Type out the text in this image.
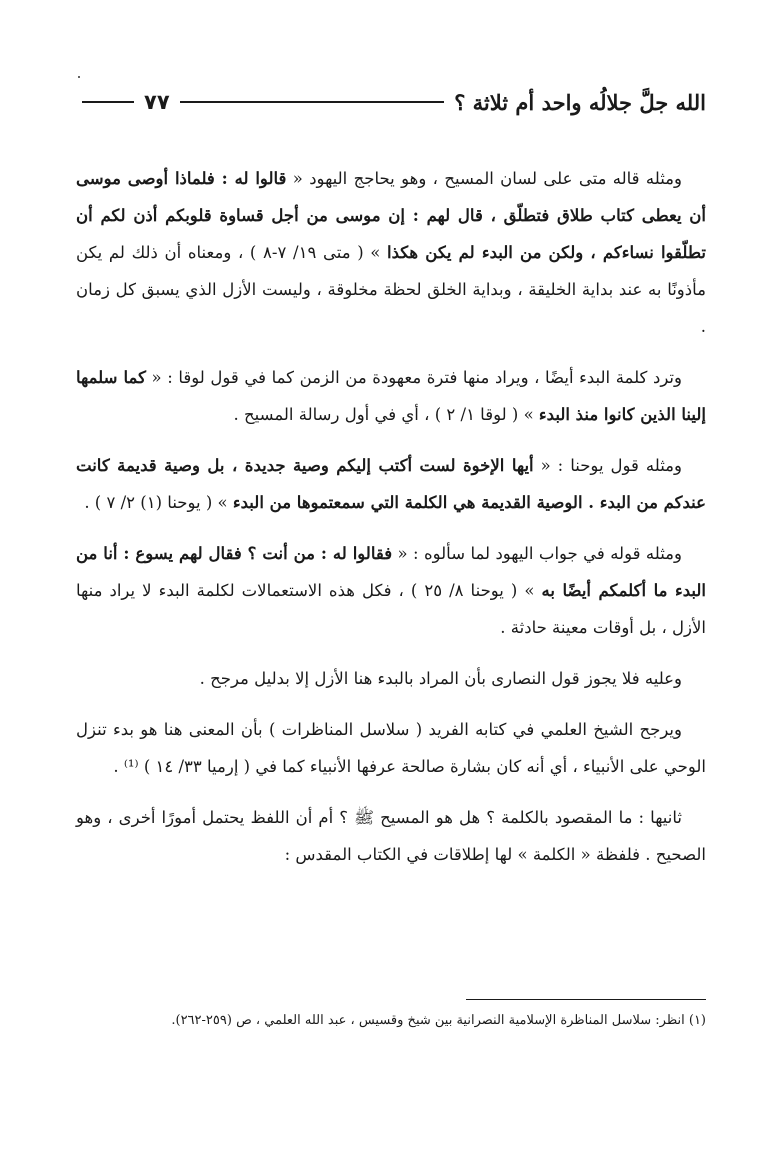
الله جلَّ جلالُه واحد أم ثلاثة ؟
٧٧

ومثله قاله متى على لسان المسيح ، وهو يحاجج اليهود « قالوا له : فلماذا أوصى موسى أن يعطى كتاب طلاق فتطلّق ، قال لهم : إن موسى من أجل قساوة قلوبكم أذن لكم أن تطلّقوا نساءكم ، ولكن من البدء لم يكن هكذا » ( متى ١٩/ ٧-٨ ) ، ومعناه أن ذلك لم يكن مأذونًا به عند بداية الخليقة ، وبداية الخلق لحظة مخلوقة ، وليست الأزل الذي يسبق كل زمان .

وترد كلمة البدء أيضًا ، ويراد منها فترة معهودة من الزمن كما في قول لوقا : « كما سلمها إلينا الذين كانوا منذ البدء » ( لوقا ١/ ٢ ) ، أي في أول رسالة المسيح .

ومثله قول يوحنا : « أيها الإخوة لست أكتب إليكم وصية جديدة ، بل وصية قديمة كانت عندكم من البدء . الوصية القديمة هي الكلمة التي سمعتموها من البدء » ( يوحنا (١) ٢/ ٧ ) .

ومثله قوله في جواب اليهود لما سألوه : « فقالوا له : من أنت ؟ فقال لهم يسوع : أنا من البدء ما أكلمكم أيضًا به » ( يوحنا ٨/ ٢٥ ) ، فكل هذه الاستعمالات لكلمة البدء لا يراد منها الأزل ، بل أوقات معينة حادثة .

وعليه فلا يجوز قول النصارى بأن المراد بالبدء هنا الأزل إلا بدليل مرجح .

ويرجح الشيخ العلمي في كتابه الفريد ( سلاسل المناظرات ) بأن المعنى هنا هو بدء تنزل الوحي على الأنبياء ، أي أنه كان بشارة صالحة عرفها الأنبياء كما في ( إرميا ٣٣/ ١٤ ) ⁽¹⁾ .

ثانيها : ما المقصود بالكلمة ؟ هل هو المسيح ﷺ ؟ أم أن اللفظ يحتمل أمورًا أخرى ، وهو الصحيح . فلفظة « الكلمة » لها إطلاقات في الكتاب المقدس :

(١) انظر: سلاسل المناظرة الإسلامية النصرانية بين شيخ وقسيس ، عبد الله العلمي ، ص (٢٥٩-٢٦٢).
